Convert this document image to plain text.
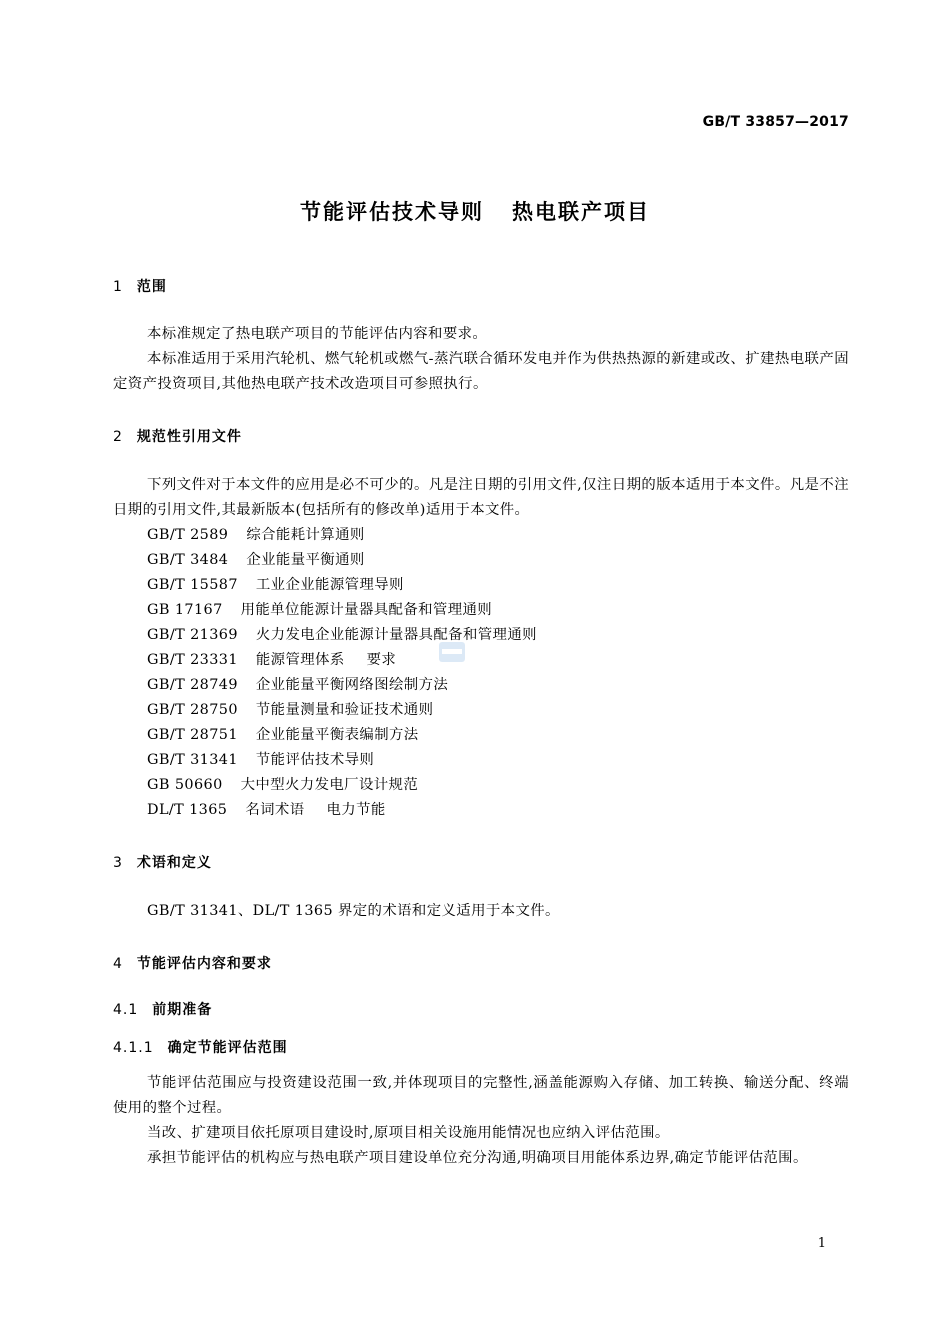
GB/T 33857—2017
节能评估技术导则 热电联产项目
1 范围

本标准规定了热电联产项目的节能评估内容和要求。

本标准适用于采用汽轮机、燃气轮机或燃气-蒸汽联合循环发电并作为供热热源的新建或改、扩建热电联产固定资产投资项目,其他热电联产技术改造项目可参照执行。

2 规范性引用文件

下列文件对于本文件的应用是必不可少的。凡是注日期的引用文件,仅注日期的版本适用于本文件。凡是不注日期的引用文件,其最新版本(包括所有的修改单)适用于本文件。

GB/T 2589 综合能耗计算通则
GB/T 3484 企业能量平衡通则
GB/T 15587 工业企业能源管理导则
GB 17167 用能单位能源计量器具配备和管理通则
GB/T 21369 火力发电企业能源计量器具配备和管理通则
GB/T 23331 能源管理体系 要求
GB/T 28749 企业能量平衡网络图绘制方法
GB/T 28750 节能量测量和验证技术通则
GB/T 28751 企业能量平衡表编制方法
GB/T 31341 节能评估技术导则
GB 50660 大中型火力发电厂设计规范
DL/T 1365 名词术语 电力节能
3 术语和定义

GB/T 31341、DL/T 1365 界定的术语和定义适用于本文件。

4 节能评估内容和要求
4.1 前期准备
4.1.1 确定节能评估范围

节能评估范围应与投资建设范围一致,并体现项目的完整性,涵盖能源购入存储、加工转换、输送分配、终端使用的整个过程。

当改、扩建项目依托原项目建设时,原项目相关设施用能情况也应纳入评估范围。

承担节能评估的机构应与热电联产项目建设单位充分沟通,明确项目用能体系边界,确定节能评估范围。

1
